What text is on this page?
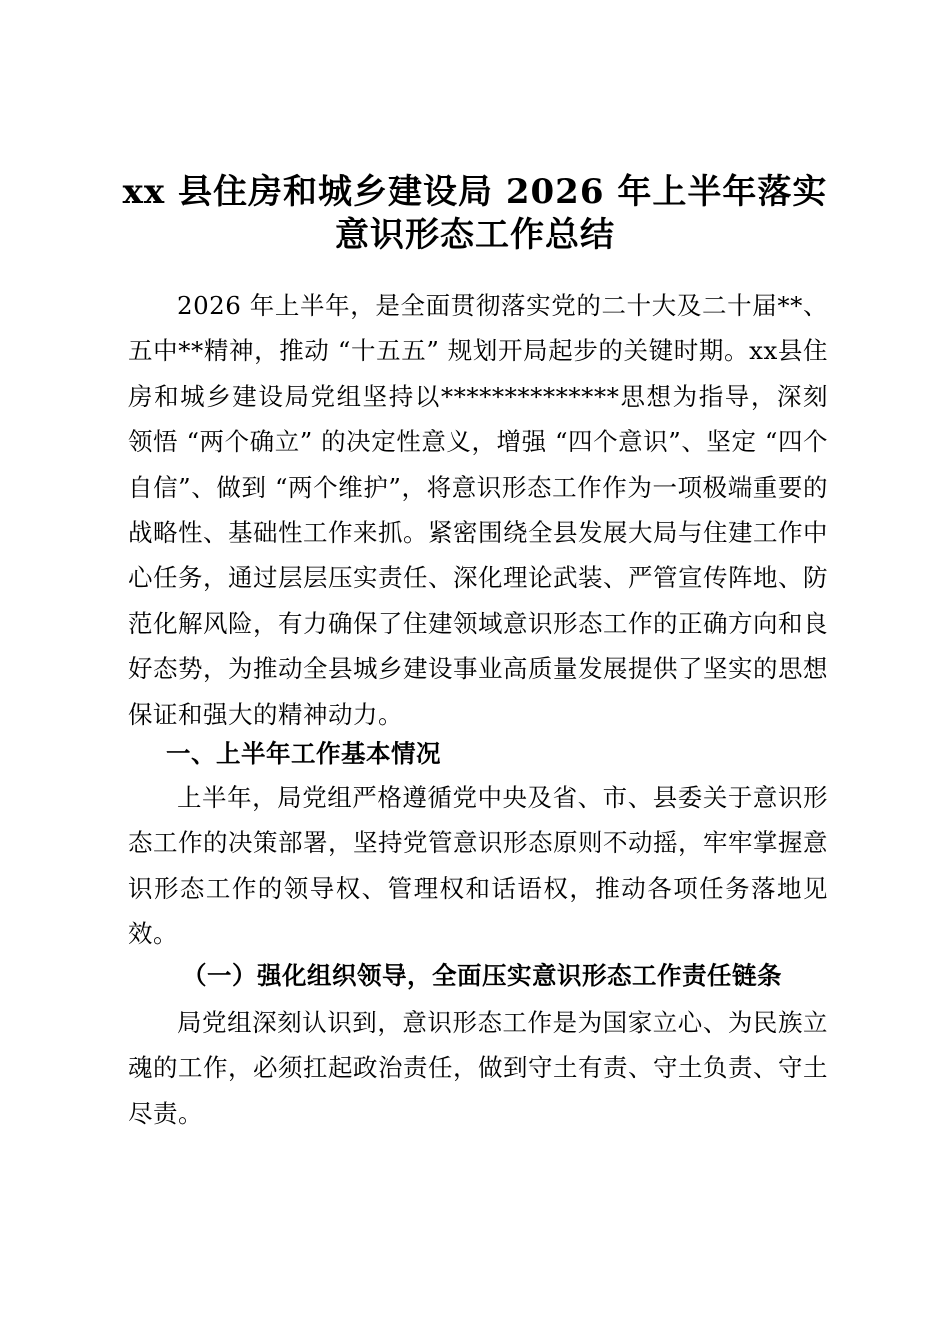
xx 县住房和城乡建设局 2026 年上半年落实
意识形态工作总结

2026 年上半年，是全面贯彻落实党的二十大及二十届**、五中**精神，推动 “十五五” 规划开局起步的关键时期。xx县住房和城乡建设局党组坚持以**************思想为指导，深刻领悟 “两个确立” 的决定性意义，增强 “四个意识”、坚定 “四个自信”、做到 “两个维护”，将意识形态工作作为一项极端重要的战略性、基础性工作来抓。紧密围绕全县发展大局与住建工作中心任务，通过层层压实责任、深化理论武装、严管宣传阵地、防范化解风险，有力确保了住建领域意识形态工作的正确方向和良好态势，为推动全县城乡建设事业高质量发展提供了坚实的思想保证和强大的精神动力。

一、上半年工作基本情况

上半年，局党组严格遵循党中央及省、市、县委关于意识形态工作的决策部署，坚持党管意识形态原则不动摇，牢牢掌握意识形态工作的领导权、管理权和话语权，推动各项任务落地见效。

（一）强化组织领导，全面压实意识形态工作责任链条

局党组深刻认识到，意识形态工作是为国家立心、为民族立魂的工作，必须扛起政治责任，做到守土有责、守土负责、守土尽责。
